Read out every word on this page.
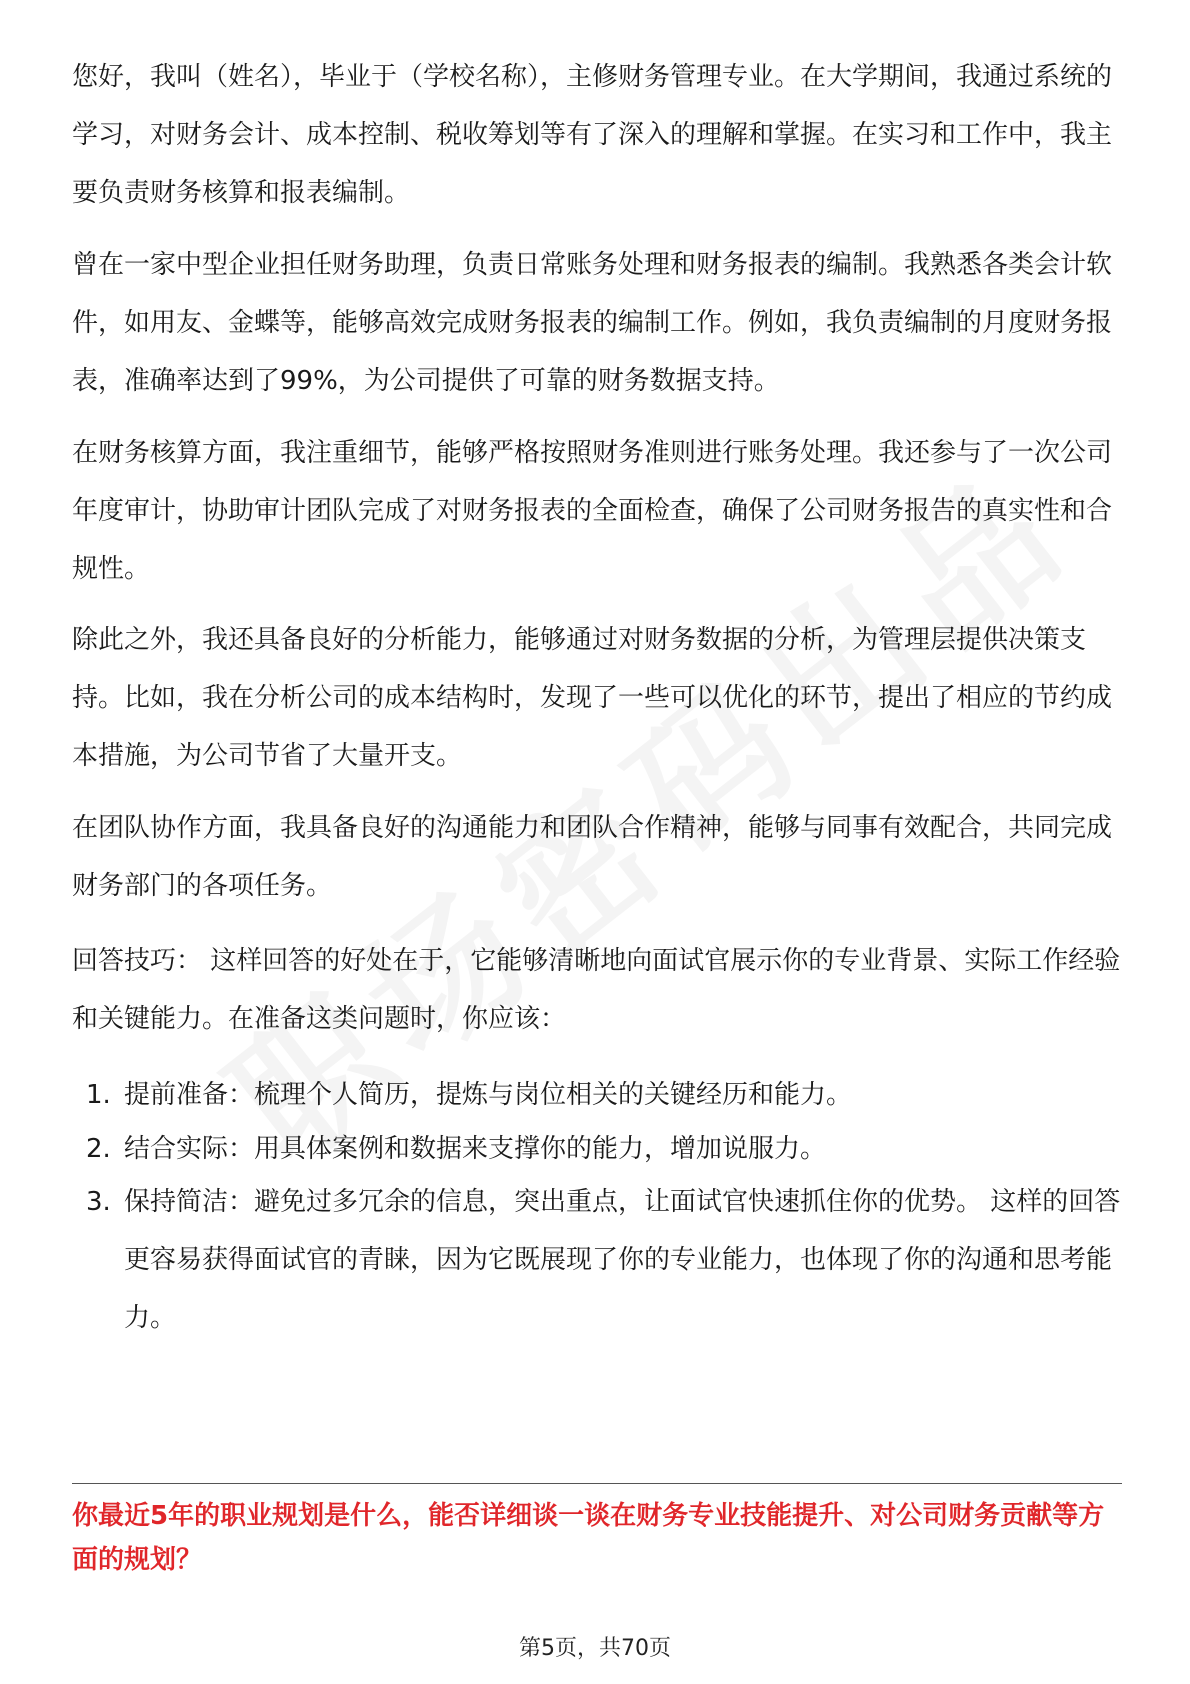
您好，我叫（姓名），毕业于（学校名称），主修财务管理专业。在大学期间，我通过系统的学习，对财务会计、成本控制、税收筹划等有了深入的理解和掌握。在实习和工作中，我主要负责财务核算和报表编制。

曾在一家中型企业担任财务助理，负责日常账务处理和财务报表的编制。我熟悉各类会计软件，如用友、金蝶等，能够高效完成财务报表的编制工作。例如，我负责编制的月度财务报表，准确率达到了99%，为公司提供了可靠的财务数据支持。

在财务核算方面，我注重细节，能够严格按照财务准则进行账务处理。我还参与了一次公司年度审计，协助审计团队完成了对财务报表的全面检查，确保了公司财务报告的真实性和合规性。

除此之外，我还具备良好的分析能力，能够通过对财务数据的分析，为管理层提供决策支持。比如，我在分析公司的成本结构时，发现了一些可以优化的环节，提出了相应的节约成本措施，为公司节省了大量开支。

在团队协作方面，我具备良好的沟通能力和团队合作精神，能够与同事有效配合，共同完成财务部门的各项任务。

回答技巧： 这样回答的好处在于，它能够清晰地向面试官展示你的专业背景、实际工作经验和关键能力。在准备这类问题时，你应该：

1. 提前准备：梳理个人简历，提炼与岗位相关的关键经历和能力。
2. 结合实际：用具体案例和数据来支撑你的能力，增加说服力。
3. 保持简洁：避免过多冗余的信息，突出重点，让面试官快速抓住你的优势。 这样的回答更容易获得面试官的青睐，因为它既展现了你的专业能力，也体现了你的沟通和思考能力。
你最近5年的职业规划是什么，能否详细谈一谈在财务专业技能提升、对公司财务贡献等方面的规划？
第5页，共70页
